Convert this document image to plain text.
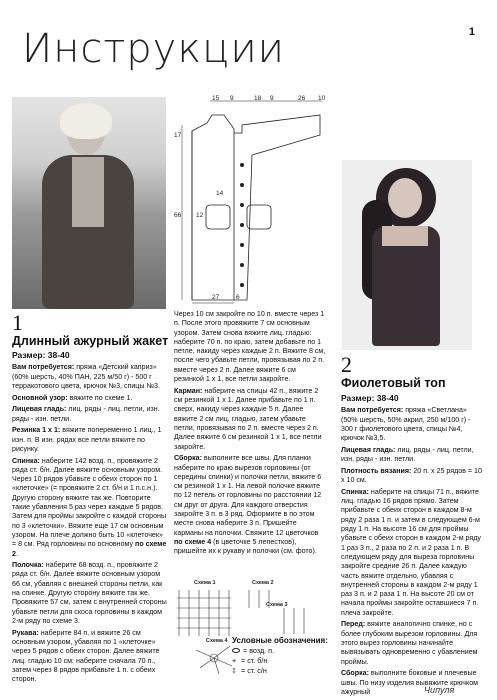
Инструкции	1
1
Длинный ажурный жакет

Размер: 38-40

Вам потребуется: пряжа «Детский каприз» (60% шерсть, 40% ПАН, 225 м/50 г) - 500 г терракотового цвета, крючок №3, спицы №3.

Основной узор: вяжите по схеме 1.

Лицевая гладь: лиц. ряды - лиц. петли, изн. ряды - изн. петли.

Резинка 1 х 1: вяжите попеременно 1 лиц., 1 изн. п. В изн. рядах все петли вяжите по рисунку.

Спинка: наберите 142 возд. п., провяжите 2 ряда ст. б/н. Далее вяжите основным узором. Через 10 рядов убавьте с обеих сторон по 1 «клеточке» (= провяжите 2 ст. б/н и 1 п.с.н.). Другую сторону вяжите так же. Повторите такие убавления 5 раз через каждые 5 рядов. Затем для проймы закройте с каждой стороны по 3 «клеточки». Вяжите еще 17 см основным узором. На плече должно быть 10 «клеточек» = 8 см. Ряд горловины по основному по схеме 2.

Полочка: наберите 68 возд. п., провяжите 2 ряда ст. б/н. Далее вяжите основным узором 66 см, убавляя с внешней стороны петли, как на спинке. Другую сторону вяжите так же. Провяжите 57 см, затем с внутренней стороны убавьте петли для скоса горловины в каждом 2-м ряду по схеме 3.

Рукава: наберите 84 п. и вяжите 26 см основным узором, убавляя по 1 «клеточке» через 5 рядов с обеих сторон. Далее вяжите лиц. гладью 10 см: наберите сначала 70 п., затем через 8 рядов прибавьте 1 п. с обеих сторон.

15 9	18 9	26 10
17
66
14
12
27	6

Через 10 см закройте по 10 п. вместе через 1 п. После этого провяжите 7 см основным узором. Затем снова вяжите лиц. гладью: наберите 70 п. по краю, затем добавьте по 1 петле, накиду через каждые 2 п. Вяжите 8 см, после чего убавьте петли, провязывая по 2 п. вместе через 2 п. Далее вяжите 6 см резинкой 1 х 1, все петли закройте.

Карман: наберите на спицы 42 п., вяжите 2 см резинкой 1 х 1. Далее прибавьте по 1 п. сверх, накиду через каждые 5 п. Далее вяжите 2 см лиц. гладью, затем убавьте петли, провязывая по 2 п. вместе через 2 п. Далее вяжите 6 см резинкой 1 х 1, все петли закройте.

Сборка: выполните все швы. Для планки наберите по краю вырезов горловины (от середины спинки) и полочки петли, вяжите 6 см резинкой 1 х 1. На левой полочке вяжите по 12 петель от горловины по расстоянии 12 см друг от друга. Для каждого отверстия закройте 3 п. в 3 ряд. Оформите в по этом месте снова наберите 3 п. Пришейте карманы на полочки. Свяжите 12 цветочков по схеме 4 (в цветочке 5 лепестков), пришейте их к рукаву и полочки (см. фото).

Схема 1	Схема 2
Схема 3
Схема 4 Условные обозначения:
= возд. п.
+ = ст. б/н
‡ = ст. с/н
2
Фиолетовый топ

Размер: 38-40

Вам потребуется: пряжа «Светлана» (50% шерсть, 50% акрил, 250 м/100 г) - 300 г фиолетового цвета, спицы №4, крючок №3,5.

Лицевая гладь: лиц. ряды - лиц. петли, изн. ряды - изн. петли.

Плотность вязания: 20 п. х 25 рядов = 10 х 10 см.

Спинка: наберите на спицы 71 п., вяжите лиц. гладью 16 рядов прямо. Затем прибавьте с обеих сторон в каждом 8-м ряду 2 раза 1 п. и затем в следующем 6-м ряду 1 п. На высоте 16 см для проймы убавьте с обеих сторон в каждом 2-м ряду 1 раз 3 п., 2 раза по 2 п. и 2 раза 1 п. В следующем ряду для выреза горловины закройте средние 26 п. Далее каждую часть вяжите отдельно, убавляя с внутренней стороны в каждом 2-м ряду 1 раз 3 п. и 2 раза 1 п. На высоте 20 см от начала проймы закройте оставшиеся 7 п. плеча закройте.

Перед: вяжите аналогично спинке, но с более глубоким вырезом горловины. Для этого вырез горловины начинайте вывязывать одновременно с убавлением проймы.

Сборка: выполните боковые и плечевые швы. По низу изделия вывяжите крючком ажурный	Чипуля
